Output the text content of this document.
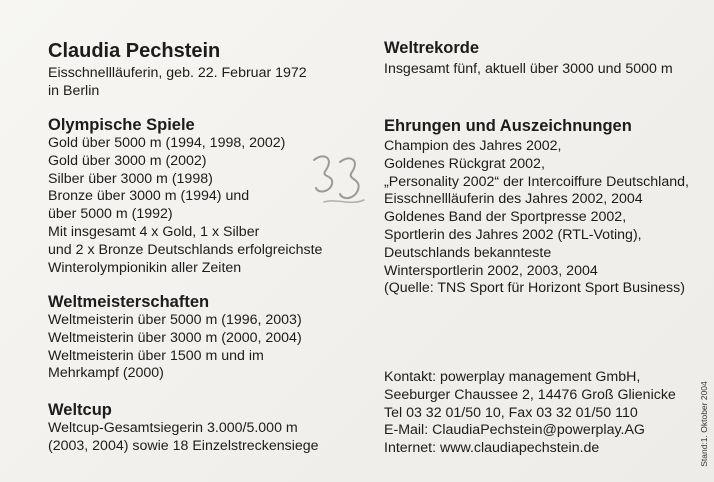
Claudia Pechstein
Eisschnellläuferin, geb. 22. Februar 1972
in Berlin
Olympische Spiele
Gold über 5000 m (1994, 1998, 2002)
Gold über 3000 m (2002)
Silber über 3000 m (1998)
Bronze über 3000 m (1994) und
über 5000 m (1992)
Mit insgesamt 4 x Gold, 1 x Silber
und 2 x Bronze Deutschlands erfolgreichste
Winterolympionikin aller Zeiten
Weltmeisterschaften
Weltmeisterin über 5000 m (1996, 2003)
Weltmeisterin über 3000 m (2000, 2004)
Weltmeisterin über 1500 m und im
Mehrkampf (2000)
Weltcup
Weltcup-Gesamtsiegerin 3.000/5.000 m
(2003, 2004) sowie 18 Einzelstreckensiege
Weltrekorde
Insgesamt fünf, aktuell über 3000 und 5000 m
Ehrungen und Auszeichnungen
Champion des Jahres 2002,
Goldenes Rückgrat 2002,
„Personality 2002“ der Intercoiffure Deutschland,
Eisschnellläuferin des Jahres 2002, 2004
Goldenes Band der Sportpresse 2002,
Sportlerin des Jahres 2002 (RTL-Voting),
Deutschlands bekannteste
Wintersportlerin 2002, 2003, 2004
(Quelle: TNS Sport für Horizont Sport Business)
Kontakt: powerplay management GmbH,
Seeburger Chaussee 2, 14476 Groß Glienicke
Tel 03 32 01/50 10, Fax 03 32 01/50 110
E-Mail: ClaudiaPechstein@powerplay.AG
Internet: www.claudiapechstein.de	Stand:1. Oktober 2004
